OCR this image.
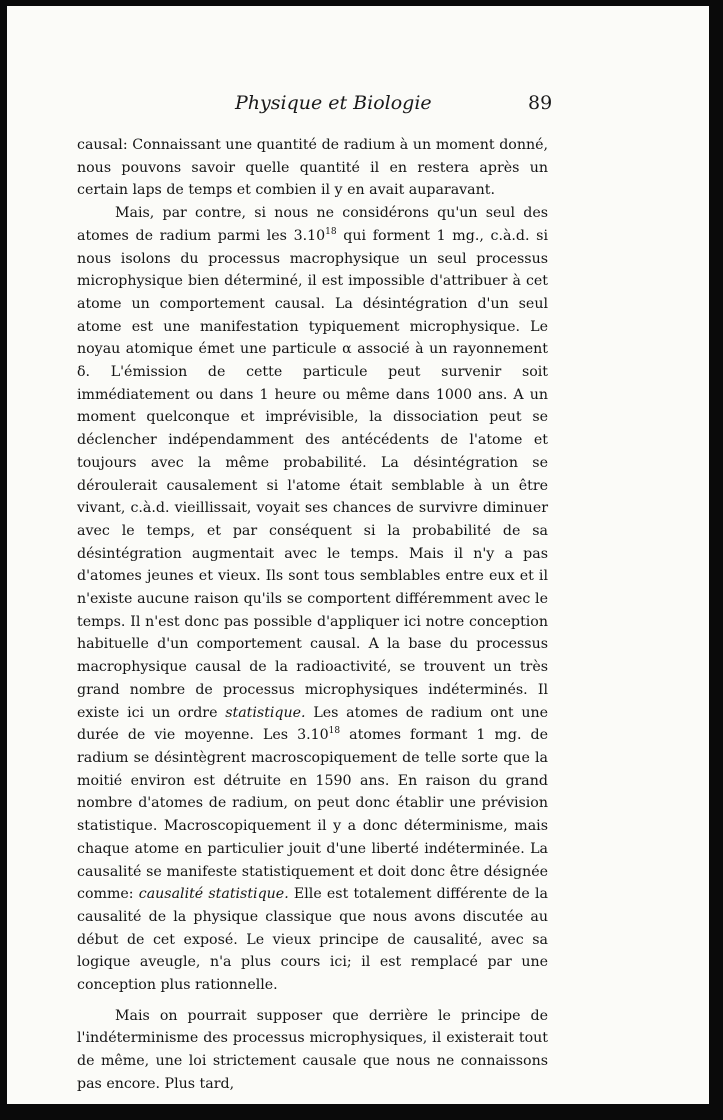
Physique et Biologie	89

causal: Connaissant une quantité de radium à un moment donné, nous pouvons savoir quelle quantité il en restera après un certain laps de temps et combien il y en avait auparavant.

Mais, par contre, si nous ne considérons qu'un seul des atomes de radium parmi les 3.10$^{18}$ qui forment 1 mg., c.à.d. si nous isolons du processus macrophysique un seul processus microphysique bien déterminé, il est impossible d'attribuer à cet atome un comportement causal. La désintégration d'un seul atome est une manifestation typiquement microphysique. Le noyau atomique émet une particule α associé à un rayonnement δ. L'émission de cette particule peut survenir soit immédiatement ou dans 1 heure ou même dans 1000 ans. A un moment quelconque et imprévisible, la dissociation peut se déclencher indépendamment des antécédents de l'atome et toujours avec la même probabilité. La désintégration se déroulerait causalement si l'atome était semblable à un être vivant, c.à.d. vieillissait, voyait ses chances de survivre diminuer avec le temps, et par conséquent si la probabilité de sa désintégration augmentait avec le temps. Mais il n'y a pas d'atomes jeunes et vieux. Ils sont tous semblables entre eux et il n'existe aucune raison qu'ils se comportent différemment avec le temps. Il n'est donc pas possible d'appliquer ici notre conception habituelle d'un comportement causal. A la base du processus macrophysique causal de la radioactivité, se trouvent un très grand nombre de processus microphysiques indéterminés. Il existe ici un ordre statistique. Les atomes de radium ont une durée de vie moyenne. Les 3.10$^{18}$ atomes formant 1 mg. de radium se désintègrent macroscopiquement de telle sorte que la moitié environ est détruite en 1590 ans. En raison du grand nombre d'atomes de radium, on peut donc établir une prévision statistique. Macroscopiquement il y a donc déterminisme, mais chaque atome en particulier jouit d'une liberté indéterminée. La causalité se manifeste statistiquement et doit donc être désignée comme: causalité statistique. Elle est totalement différente de la causalité de la physique classique que nous avons discutée au début de cet exposé. Le vieux principe de causalité, avec sa logique aveugle, n'a plus cours ici; il est remplacé par une conception plus rationnelle.

Mais on pourrait supposer que derrière le principe de l'indéterminisme des processus microphysiques, il existerait tout de même, une loi strictement causale que nous ne connaissons pas encore. Plus tard,
